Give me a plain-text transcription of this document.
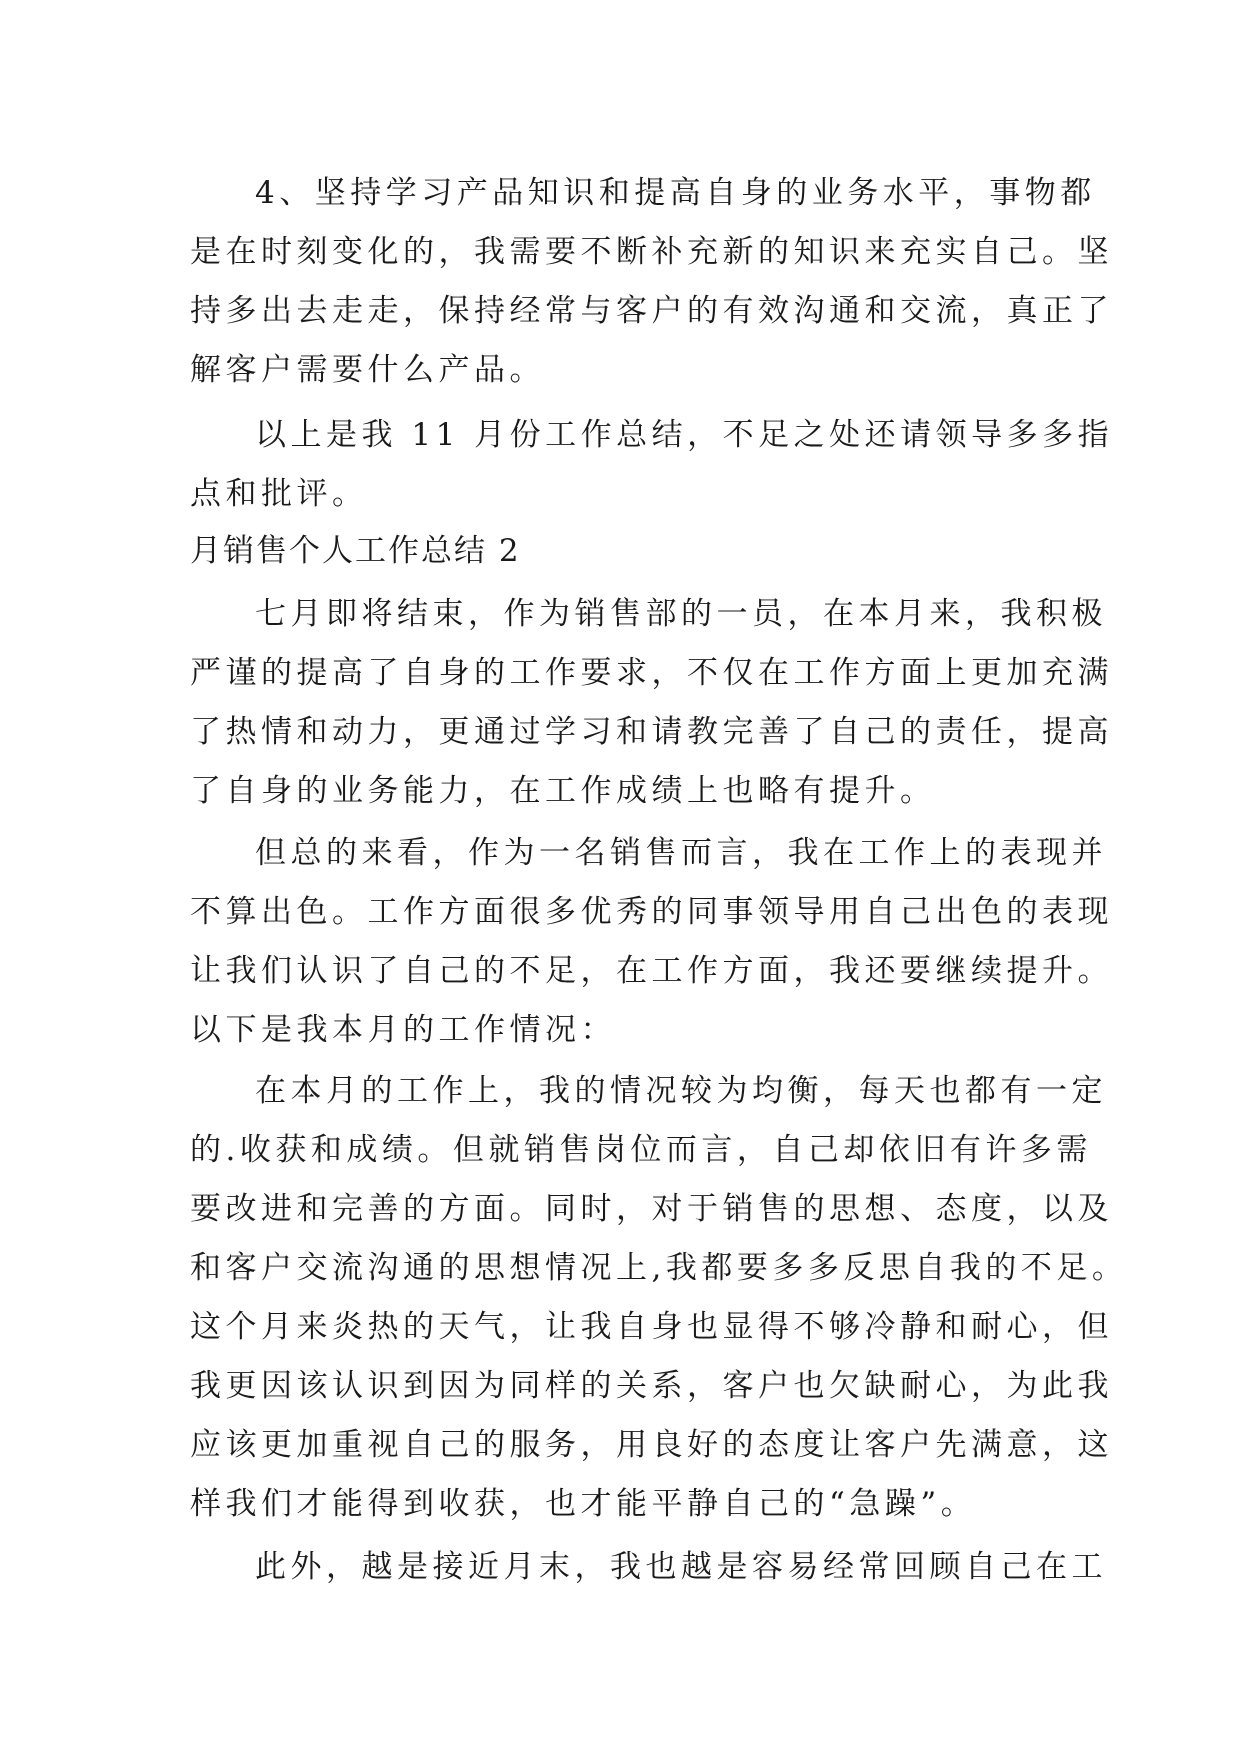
4、坚持学习产品知识和提高自身的业务水平，事物都
是在时刻变化的，我需要不断补充新的知识来充实自己。坚
持多出去走走，保持经常与客户的有效沟通和交流，真正了
解客户需要什么产品。
以上是我 11 月份工作总结，不足之处还请领导多多指
点和批评。
月销售个人工作总结 2
七月即将结束，作为销售部的一员，在本月来，我积极
严谨的提高了自身的工作要求，不仅在工作方面上更加充满
了热情和动力，更通过学习和请教完善了自己的责任，提高
了自身的业务能力，在工作成绩上也略有提升。
但总的来看，作为一名销售而言，我在工作上的表现并
不算出色。工作方面很多优秀的同事领导用自己出色的表现
让我们认识了自己的不足，在工作方面，我还要继续提升。
以下是我本月的工作情况：
在本月的工作上，我的情况较为均衡，每天也都有一定
的.收获和成绩。但就销售岗位而言，自己却依旧有许多需
要改进和完善的方面。同时，对于销售的思想、态度，以及
和客户交流沟通的思想情况上,我都要多多反思自我的不足。
这个月来炎热的天气，让我自身也显得不够冷静和耐心，但
我更因该认识到因为同样的关系，客户也欠缺耐心，为此我
应该更加重视自己的服务，用良好的态度让客户先满意，这
样我们才能得到收获，也才能平静自己的“急躁”。
此外，越是接近月末，我也越是容易经常回顾自己在工
